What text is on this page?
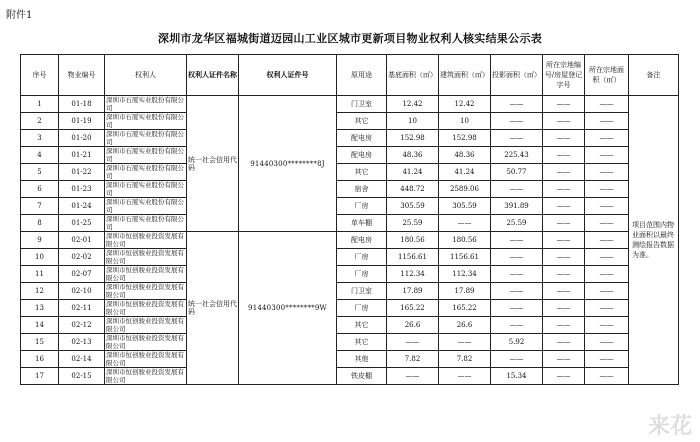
附件1
深圳市龙华区福城街道迈园山工业区城市更新项目物业权利人核实结果公示表
序号	物业编号	权利人	权利人证件名称	权利人证件号	原用途	基底面积（㎡）	建筑面积（㎡）	投影面积（㎡）	所在宗地编号/房屋登记字号	所在宗地面积（㎡）	备注
1	01-18	深圳市石厦实业股份有限公司	统一社会信用代码	91440300********8J	门卫室	12.42	12.42	——	——	——	项目范围内物业面积以最终测绘报告数据为准。
2	01-19	深圳市石厦实业股份有限公司			其它	10	10	——	——	——	
3	01-20	深圳市石厦实业股份有限公司			配电房	152.98	152.98	——	——	——	
4	01-21	深圳市石厦实业股份有限公司			配电房	48.36	48.36	225.43	——	——	
5	01-22	深圳市石厦实业股份有限公司			其它	41.24	41.24	50.77	——	——	
6	01-23	深圳市石厦实业股份有限公司			宿舍	448.72	2589.06	——	——	——	
7	01-24	深圳市石厦实业股份有限公司			厂房	305.59	305.59	391.89	——	——	
8	01-25	深圳市石厦实业股份有限公司			单车棚	25.59	——	25.59	——	——	
9	02-01	深圳市恒创骏业投资发展有限公司	统一社会信用代码	91440300********9W	配电房	180.56	180.56	——	——	——	
10	02-02	深圳市恒创骏业投资发展有限公司			厂房	1156.61	1156.61	——	——	——	
11	02-07	深圳市恒创骏业投资发展有限公司			厂房	112.34	112.34	——	——	——	
12	02-10	深圳市恒创骏业投资发展有限公司			门卫室	17.89	17.89	——	——	——	
13	02-11	深圳市恒创骏业投资发展有限公司			厂房	165.22	165.22	——	——	——	
14	02-12	深圳市恒创骏业投资发展有限公司			其它	26.6	26.6	——	——	——	
15	02-13	深圳市恒创骏业投资发展有限公司			其它	——	——	5.92	——	——	
16	02-14	深圳市恒创骏业投资发展有限公司			其他	7.82	7.82	——	——	——	
17	02-15	深圳市恒创骏业投资发展有限公司			铁皮棚	——	——	15.34	——	——	
来花
